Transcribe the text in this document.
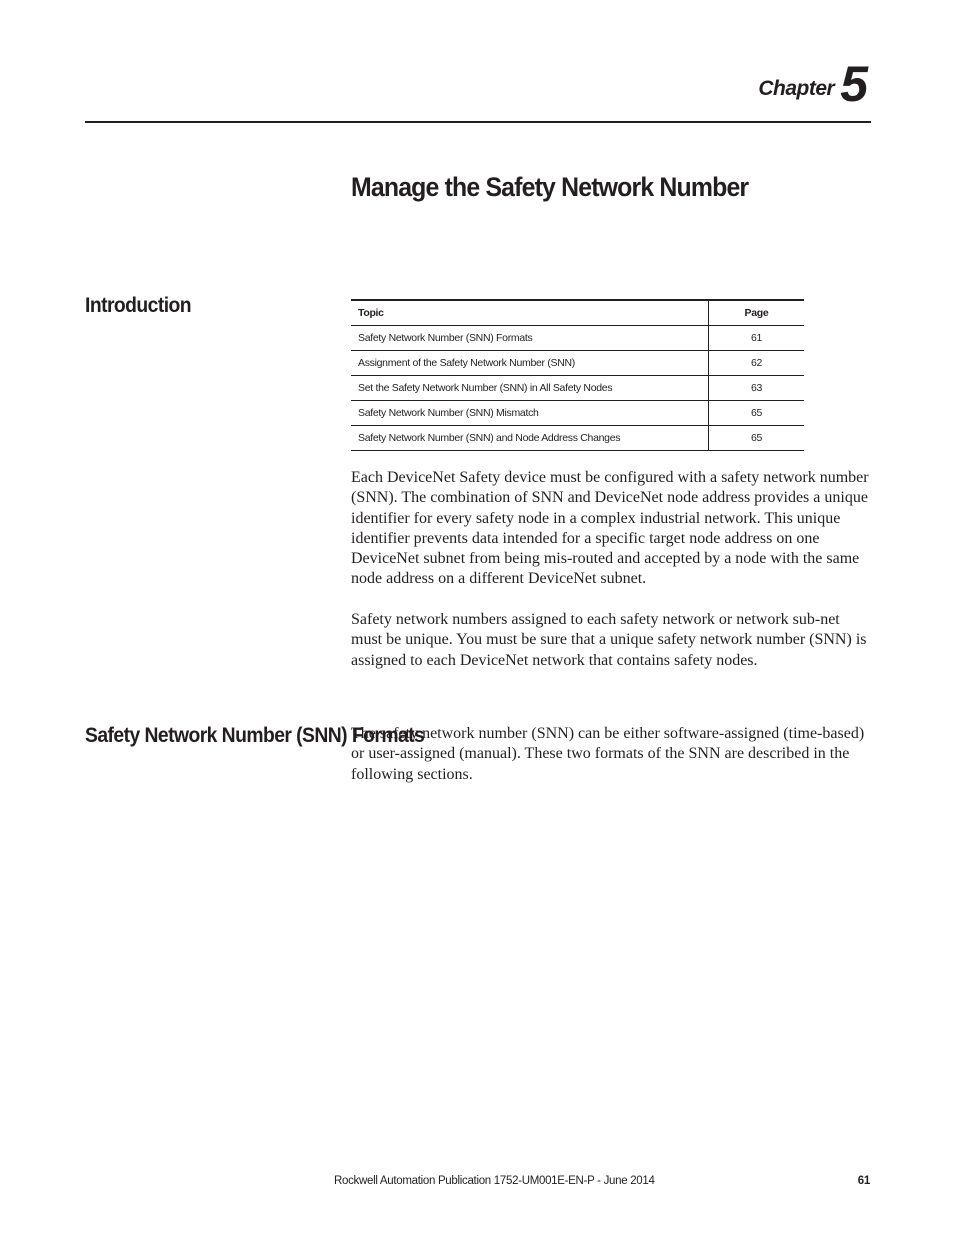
Chapter 5
Manage the Safety Network Number
Introduction	Topic	Page
Safety Network Number (SNN) Formats	61
Assignment of the Safety Network Number (SNN)	62
Set the Safety Network Number (SNN) in All Safety Nodes	63
Safety Network Number (SNN) Mismatch	65
Safety Network Number (SNN) and Node Address Changes	65

Each DeviceNet Safety device must be configured with a safety network number (SNN). The combination of SNN and DeviceNet node address provides a unique identifier for every safety node in a complex industrial network. This unique identifier prevents data intended for a specific target node address on one DeviceNet subnet from being mis-routed and accepted by a node with the same node address on a different DeviceNet subnet.

Safety network numbers assigned to each safety network or network sub-net must be unique. You must be sure that a unique safety network number (SNN) is assigned to each DeviceNet network that contains safety nodes.

Safety Network Number (SNN) Formats

The safety network number (SNN) can be either software-assigned (time-based) or user-assigned (manual). These two formats of the SNN are described in the following sections.

Rockwell Automation Publication 1752-UM001E-EN-P - June 2014	61
